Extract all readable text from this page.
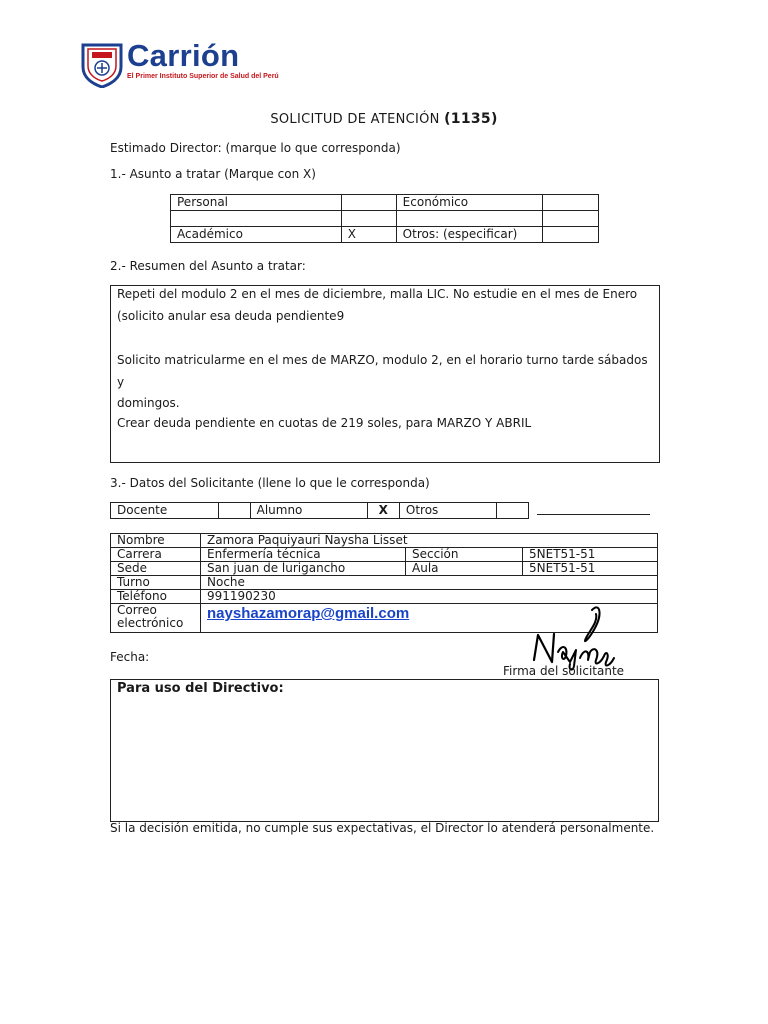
Carrión
El Primer Instituto Superior de Salud del Perú
SOLICITUD DE ATENCIÓN (1135)
Estimado Director: (marque lo que corresponda)
1.- Asunto a tratar (Marque con X)
Personal		Económico	

Académico	X	Otros: (especificar)	
2.- Resumen del Asunto a tratar:
Repeti del modulo 2 en el mes de diciembre, malla LIC. No estudie en el mes de Enero
(solicito anular esa deuda pendiente9
Solicito matricularme en el mes de MARZO, modulo 2, en el horario turno tarde sábados y
domingos.
Crear deuda pendiente en cuotas de 219 soles, para MARZO Y ABRIL
3.- Datos del Solicitante (llene lo que le corresponda)
Docente		Alumno	X	Otros	
Nombre	Zamora Paquiyauri Naysha Lisset		
Carrera	Enfermería técnica	Sección	5NET51-51
Sede	San juan de lurigancho	Aula	5NET51-51
Turno	Noche		
Teléfono	991190230		

Correo
electrónico	nayshazamorap@gmail.com		
Fecha:
Firma del solicitante
Para uso del Directivo:
Si la decisión emitida, no cumple sus expectativas, el Director lo atenderá personalmente.
